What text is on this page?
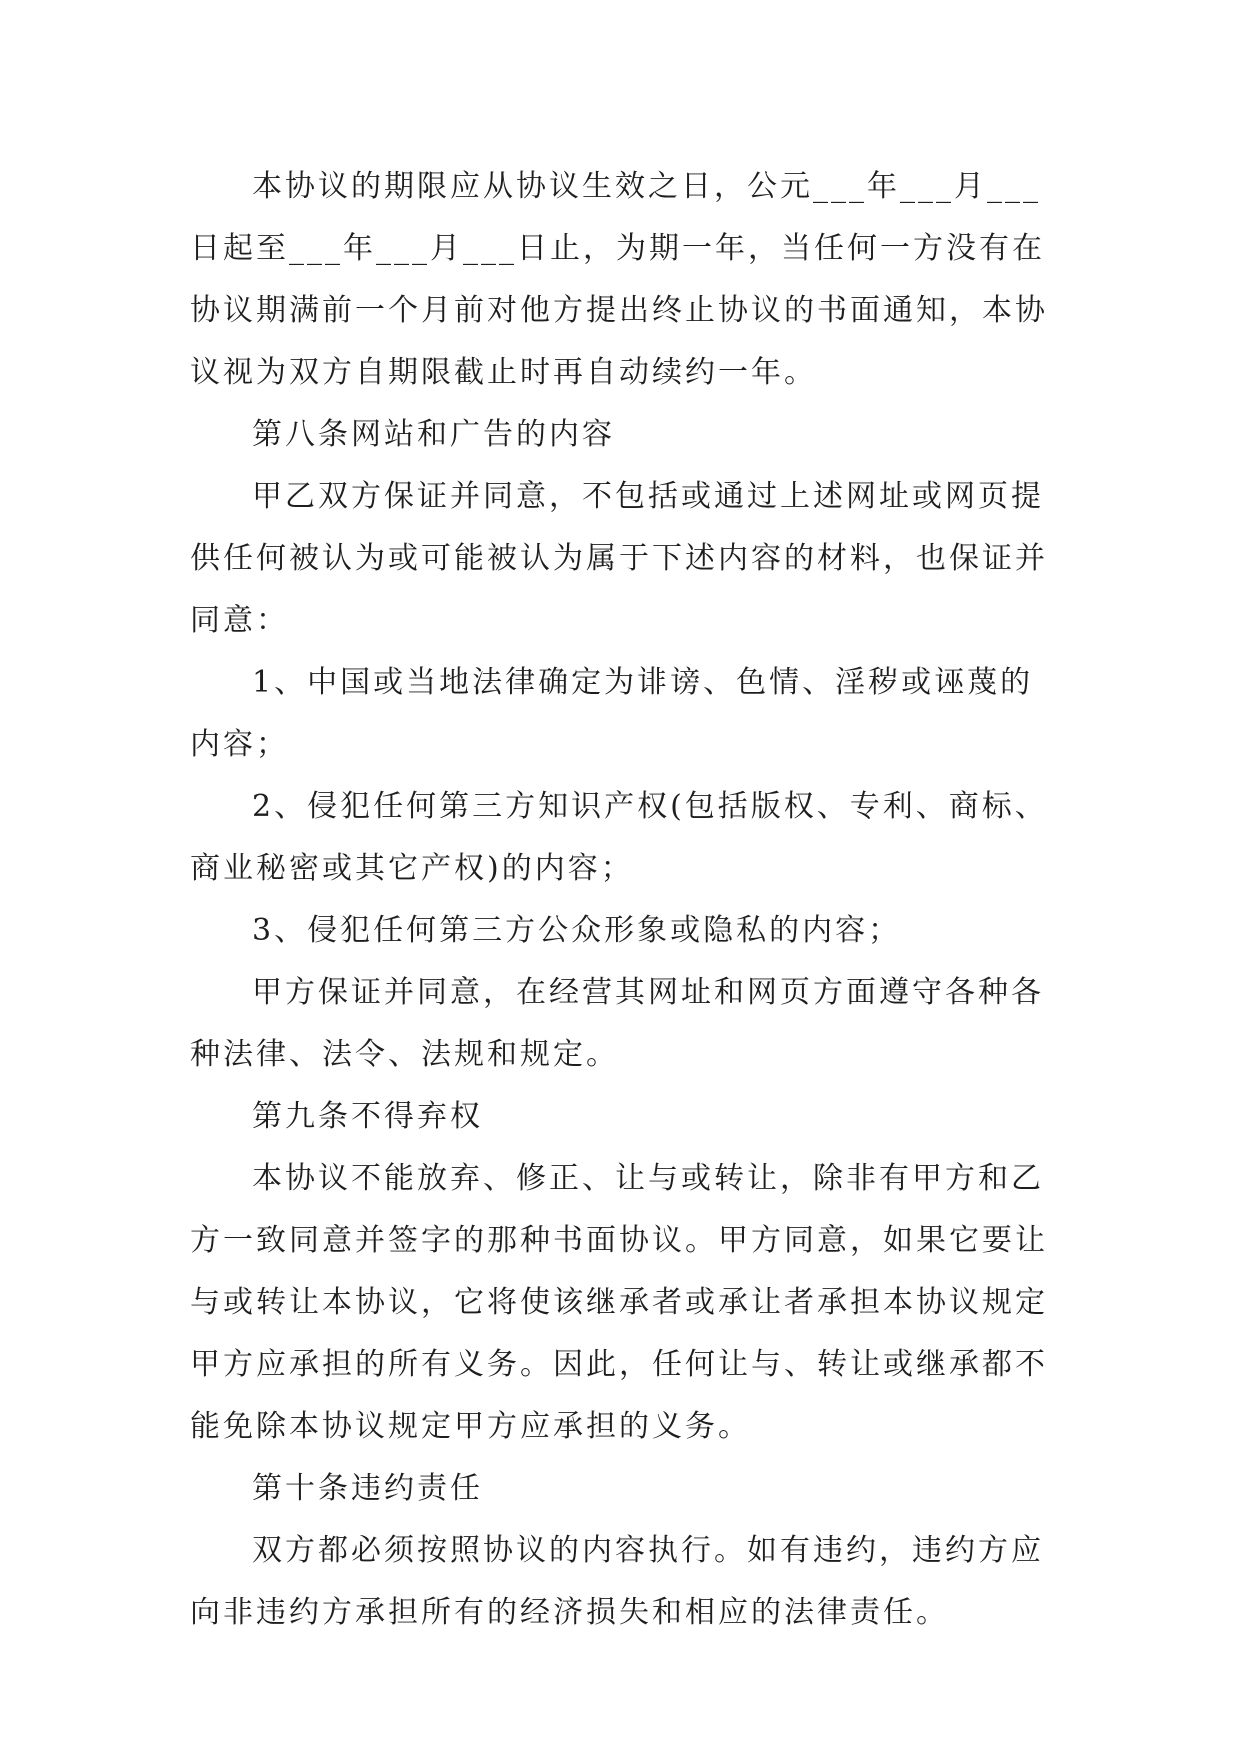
本协议的期限应从协议生效之日，公元___年___月___日起至___年___月___日止，为期一年，当任何一方没有在协议期满前一个月前对他方提出终止协议的书面通知，本协议视为双方自期限截止时再自动续约一年。

第八条网站和广告的内容

甲乙双方保证并同意，不包括或通过上述网址或网页提供任何被认为或可能被认为属于下述内容的材料，也保证并同意：

1、中国或当地法律确定为诽谤、色情、淫秽或诬蔑的内容；

2、侵犯任何第三方知识产权(包括版权、专利、商标、商业秘密或其它产权)的内容；

3、侵犯任何第三方公众形象或隐私的内容；

甲方保证并同意，在经营其网址和网页方面遵守各种各种法律、法令、法规和规定。

第九条不得弃权

本协议不能放弃、修正、让与或转让，除非有甲方和乙方一致同意并签字的那种书面协议。甲方同意，如果它要让与或转让本协议，它将使该继承者或承让者承担本协议规定甲方应承担的所有义务。因此，任何让与、转让或继承都不能免除本协议规定甲方应承担的义务。

第十条违约责任

双方都必须按照协议的内容执行。如有违约，违约方应向非违约方承担所有的经济损失和相应的法律责任。
